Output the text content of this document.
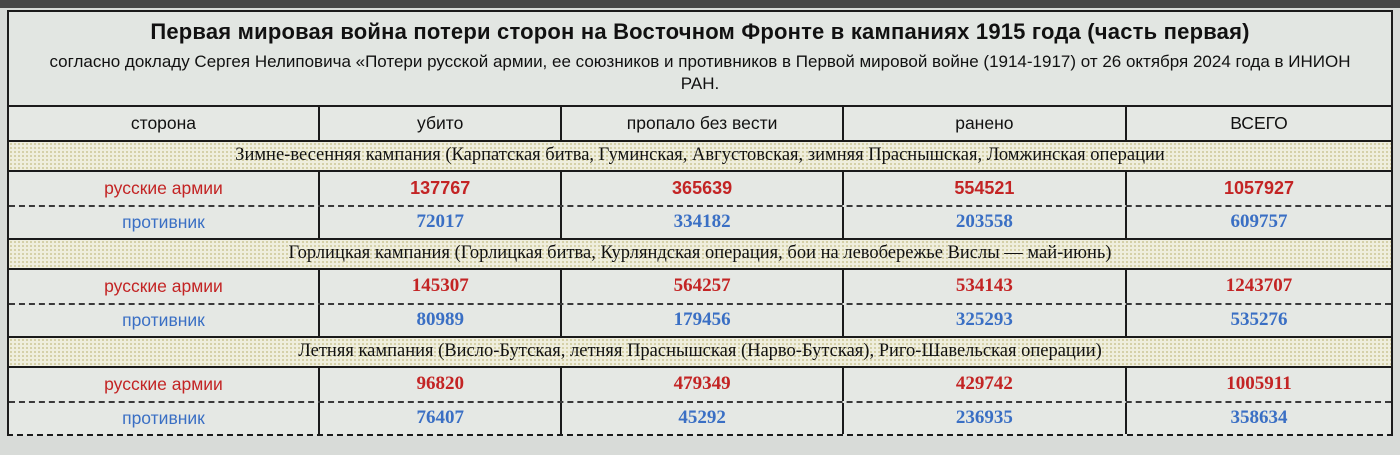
Первая мировая война потери сторон на Восточном Фронте в кампаниях 1915 года (часть первая)
согласно докладу Сергея Нелиповича «Потери русской армии, ее союзников и противников в Первой мировой войне (1914-1917) от 26 октября 2024 года в ИНИОН РАН.
сторона	убито	пропало без вести	ранено	ВСЕГО
Зимне-весенняя кампания (Карпатская битва, Гуминская, Августовская, зимняя Праснышская, Ломжинская операции
русские армии	137767	365639	554521	1057927
противник	72017	334182	203558	609757
Горлицкая кампания (Горлицкая битва, Курляндская операция, бои на левобережье Вислы — май-июнь)
русские армии	145307	564257	534143	1243707
противник	80989	179456	325293	535276
Летняя кампания (Висло-Бутская, летняя Праснышская (Нарво-Бутская), Риго-Шавельская операции)
русские армии	96820	479349	429742	1005911
противник	76407	45292	236935	358634
